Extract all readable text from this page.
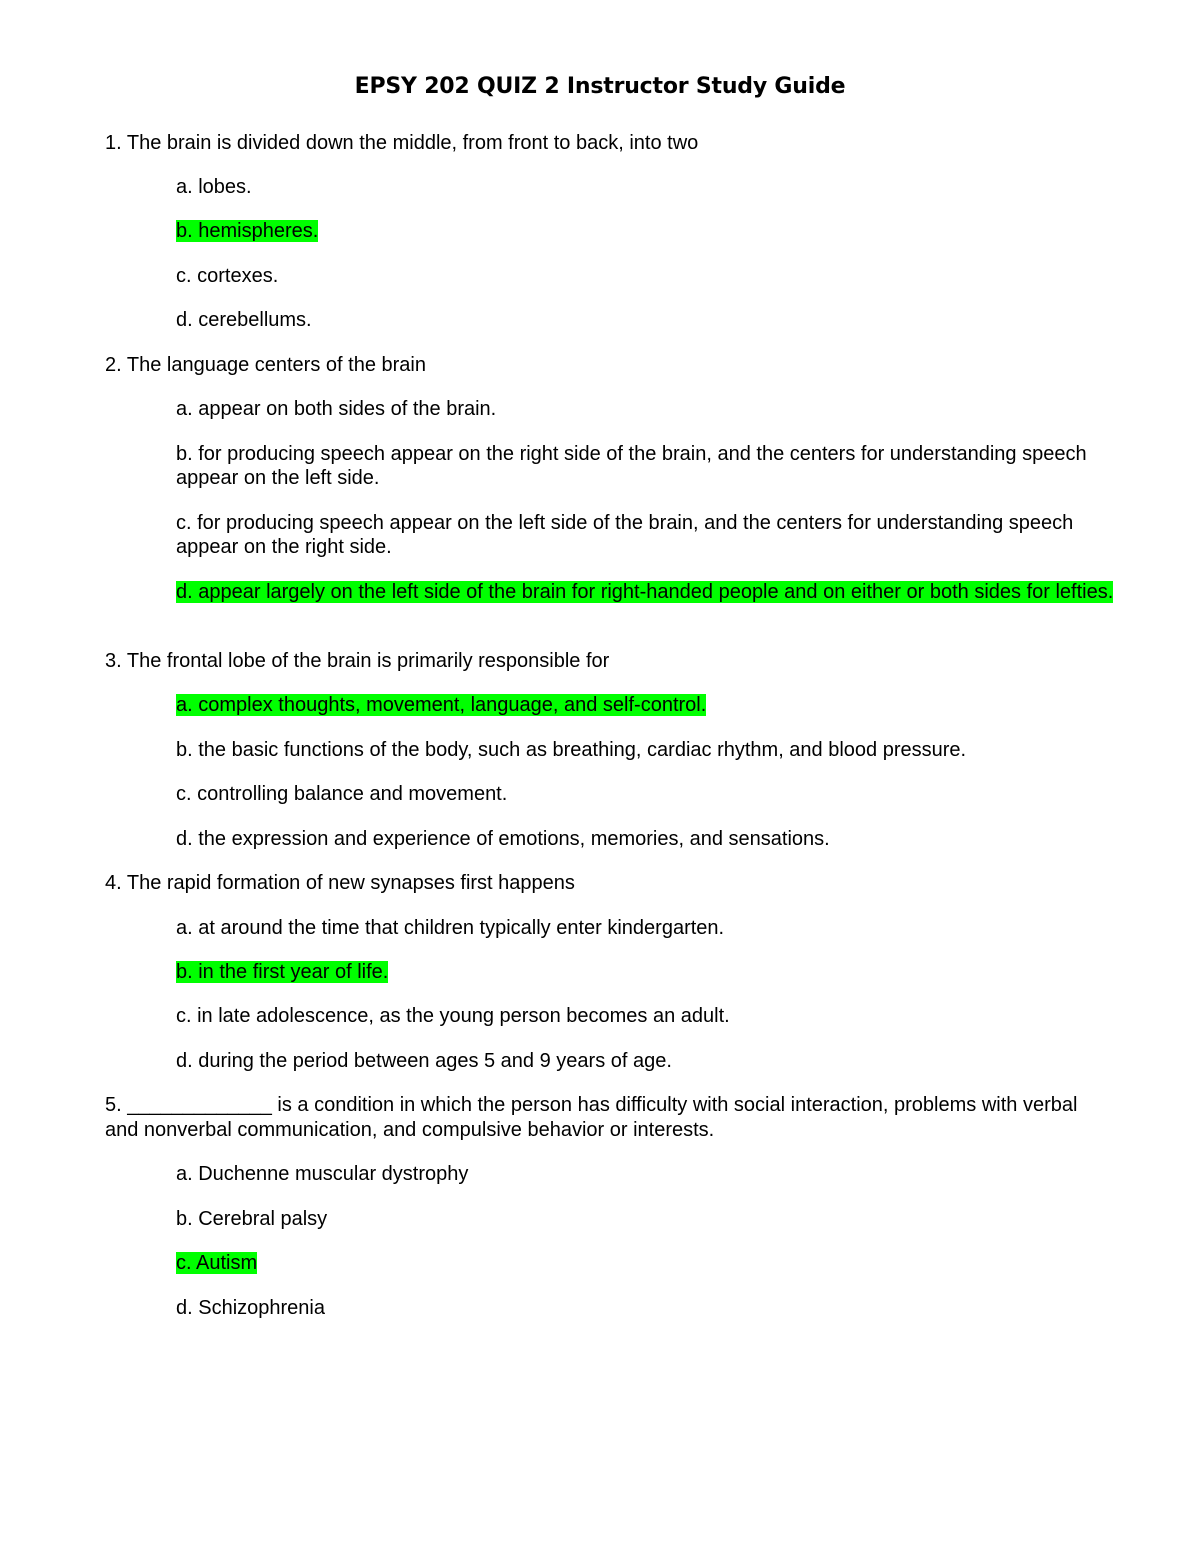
EPSY 202 QUIZ 2 Instructor Study Guide
1. The brain is divided down the middle, from front to back, into two
a. lobes.
b. hemispheres.
c. cortexes.
d. cerebellums.
2. The language centers of the brain
a. appear on both sides of the brain.
b. for producing speech appear on the right side of the brain, and the centers for understanding speech appear on the left side.
c. for producing speech appear on the left side of the brain, and the centers for understanding speech appear on the right side.
d. appear largely on the left side of the brain for right-handed people and on either or both sides for lefties.
3. The frontal lobe of the brain is primarily responsible for
a. complex thoughts, movement, language, and self-control.
b. the basic functions of the body, such as breathing, cardiac rhythm, and blood pressure.
c. controlling balance and movement.
d. the expression and experience of emotions, memories, and sensations.
4. The rapid formation of new synapses first happens
a. at around the time that children typically enter kindergarten.
b. in the first year of life.
c. in late adolescence, as the young person becomes an adult.
d. during the period between ages 5 and 9 years of age.
5. _____________ is a condition in which the person has difficulty with social interaction, problems with verbal and nonverbal communication, and compulsive behavior or interests.
a. Duchenne muscular dystrophy
b. Cerebral palsy
c. Autism
d. Schizophrenia
